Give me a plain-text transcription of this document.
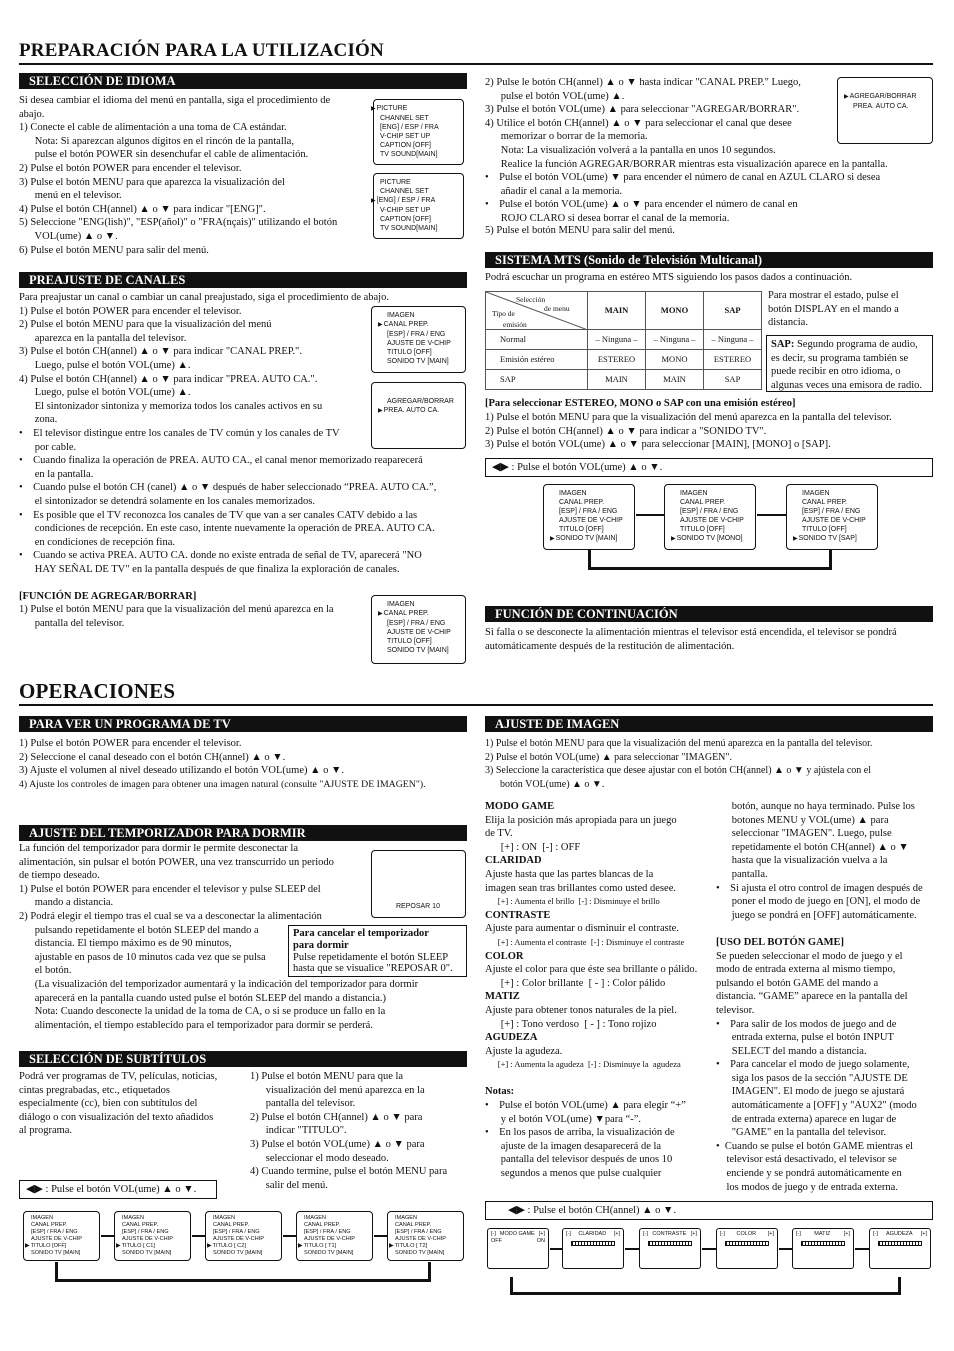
PREPARACIÓN PARA LA UTILIZACIÓN
SELECCIÓN DE IDIOMA
Si desea cambiar el idioma del menú en pantalla, siga el procedimiento de
abajo.
1) Conecte el cable de alimentación a una toma de CA estándar.
Nota: Si aparezcan algunos dígitos en el rincón de la pantalla,
pulse el botón POWER sin desenchufar el cable de alimentación.
2) Pulse el botón POWER para encender el televisor.
3) Pulse el botón MENU para que aparezca la visualización del
menú en el televisor.
4) Pulse el botón CH(annel) ▲ o ▼ para indicar "[ENG]".
5) Seleccione "ENG(lish)", "ESP(añol)" o "FRA(nçais)" utilizando el botón
VOL(ume) ▲ o ▼.
6) Pulse el botón MENU para salir del menú.
▶ PICTURE
CHANNEL SET
[ENG] / ESP / FRA
V-CHIP SET UP
CAPTION [OFF]
TV SOUND[MAIN]
PICTURE
CHANNEL SET
▶ [ENG] / ESP / FRA
V-CHIP SET UP
CAPTION [OFF]
TV SOUND[MAIN]
PREAJUSTE DE CANALES
Para preajustar un canal o cambiar un canal preajustado, siga el procedimiento de abajo.
1) Pulse el botón POWER para encender el televisor.
2) Pulse el botón MENU para que la visualización del menú
aparezca en la pantalla del televisor.
3) Pulse el botón CH(annel) ▲ o ▼ para indicar "CANAL PREP.".
Luego, pulse el botón VOL(ume) ▲.
4) Pulse el botón CH(annel) ▲ o ▼ para indicar "PREA. AUTO CA.".
Luego, pulse el botón VOL(ume) ▲.
El sintonizador sintoniza y memoriza todos los canales activos en su
zona.
•    El televisor distingue entre los canales de TV común y los canales de TV
por cable.
•    Cuando finaliza la operación de PREA. AUTO CA., el canal menor memorizado reaparecerá
en la pantalla.
•    Cuando pulse el botón CH (canel) ▲ o ▼ después de haber seleccionado “PREA. AUTO CA.”,
el sintonizador se detendrá solamente en los canales memorizados.
•    Es posible que el TV reconozca los canales de TV que van a ser canales CATV debido a las
condiciones de recepción. En este caso, intente nuevamente la operación de PREA. AUTO CA.
en condiciones de recepción fina.
•    Cuando se activa PREA. AUTO CA. donde no existe entrada de señal de TV, aparecerá "NO
HAY SEÑAL DE TV" en la pantalla después de que finaliza la exploración de canales.
IMAGEN
▶ CANAL PREP.
[ESP] / FRA / ENG
AJUSTE DE V-CHIP
TITULO [OFF]
SONIDO TV [MAIN]
AGREGAR/BORRAR
▶ PREA. AUTO CA.
[FUNCIÓN DE AGREGAR/BORRAR]
1) Pulse el botón MENU para que la visualización del menú aparezca en la
pantalla del televisor.
IMAGEN
▶ CANAL PREP.
[ESP] / FRA / ENG
AJUSTE DE V-CHIP
TITULO [OFF]
SONIDO TV [MAIN]
2) Pulse le botón CH(annel) ▲ o ▼ hasta indicar "CANAL PREP." Luego,
pulse el botón VOL(ume) ▲.
3) Pulse el botón VOL(ume) ▲ para seleccionar "AGREGAR/BORRAR".
4) Utilice el botón CH(annel) ▲ o ▼ para seleccionar el canal que desee
memorizar o borrar de la memoria.
Nota: La visualización volverá a la pantalla en unos 10 segundos.
Realice la función AGREGAR/BORRAR mientras esta visualización aparece en la pantalla.
•    Pulse el botón VOL(ume) ▼ para encender el número de canal en AZUL CLARO si desea
añadir el canal a la memoria.
•    Pulse el botón VOL(ume) ▲ o ▼ para encender el número de canal en
ROJO CLARO si desea borrar el canal de la memoria.
5) Pulse el botón MENU para salir del menú.
▶ AGREGAR/BORRAR
PREA. AUTO CA.
SISTEMA MTS (Sonido de Televisión Multicanal)
Podrá escuchar un programa en estéreo MTS siguiendo los pasos dados a continuación.
Selección
de menu
Tipo de
emisión	MAIN	MONO	SAP
Normal	– Ninguna –	– Ninguna –	– Ninguna –
Emisión estéreo	ESTEREO	MONO	ESTEREO
SAP	MAIN	MAIN	SAP
Para mostrar el estado, pulse el
botón DISPLAY en el mando a
distancia.
SAP: Segundo programa de audio,
es decir, su programa también se
puede recibir en otro idioma, o
algunas veces una emisora de radio.
[Para seleccionar ESTEREO, MONO o SAP con una emisión estéreo]
1) Pulse el botón MENU para que la visualización del menú aparezca en la pantalla del televisor.
2) Pulse el botón CH(annel) ▲ o ▼ para indicar a "SONIDO TV".
3) Pulse el botón VOL(ume) ▲ o ▼ para seleccionar [MAIN], [MONO] o [SAP].
◀▶ : Pulse el botón VOL(ume) ▲ o ▼.
IMAGEN
CANAL PREP.
[ESP] / FRA / ENG
AJUSTE DE V-CHIP
TITULO [OFF]
▶ SONIDO TV [MAIN]
IMAGEN
CANAL PREP.
[ESP] / FRA / ENG
AJUSTE DE V-CHIP
TITULO [OFF]
▶ SONIDO TV [MONO]
IMAGEN
CANAL PREP.
[ESP] / FRA / ENG
AJUSTE DE V-CHIP
TITULO [OFF]
▶ SONIDO TV [SAP]
FUNCIÓN DE CONTINUACIÓN
Si falla o se desconecte la alimentación mientras el televisor está encendida, el televisor se pondrá
automáticamente después de la restitución de alimentación.
OPERACIONES
PARA VER UN PROGRAMA DE TV
1) Pulse el botón POWER para encender el televisor.
2) Seleccione el canal deseado con el botón CH(annel) ▲ o ▼.
3) Ajuste el volumen al nivel deseado utilizando el botón VOL(ume) ▲ o ▼.
4) Ajuste los controles de imagen para obtener una imagen natural (consulte "AJUSTE DE IMAGEN").
AJUSTE DEL TEMPORIZADOR PARA DORMIR
La función del temporizador para dormir le permite desconectar la
alimentación, sin pulsar el botón POWER, una vez transcurrido un periodo
de tiempo deseado.
1) Pulse el botón POWER para encender el televisor y pulse SLEEP del
mando a distancia.
2) Podrá elegir el tiempo tras el cual se va a desconectar la alimentación
pulsando repetidamente el botón SLEEP del mando a
distancia. El tiempo máximo es de 90 minutos,
ajustable en pasos de 10 minutos cada vez que se pulsa
el botón.
(La visualización del temporizador aumentará y la indicación del temporizador para dormir
aparecerá en la pantalla cuando usted pulse el botón SLEEP del mando a distancia.)
Nota: Cuando desconecte la unidad de la toma de CA, o si se produce un fallo en la
alimentación, el tiempo establecido para el temporizador para dormir se perderá.
REPOSAR 10
Para cancelar el temporizador
para dormir
Pulse repetidamente el botón SLEEP
hasta que se visualice "REPOSAR 0".
SELECCIÓN DE SUBTÍTULOS
Podrá ver programas de TV, películas, noticias,
cintas pregrabadas, etc., etiquetados
especialmente (cc), bien con subtítulos del
diálogo o con visualización del texto añadidos
al programa.
1) Pulse el botón MENU para que la
visualización del menú aparezca en la
pantalla del televisor.
2) Pulse el botón CH(annel) ▲ o ▼ para
indicar "TITULO".
3) Pulse el botón VOL(ume) ▲ o ▼ para
seleccionar el modo deseado.
4) Cuando termine, pulse el botón MENU para
salir del menú.
◀▶ : Pulse el botón VOL(ume) ▲ o ▼.
IMAGEN
CANAL PREP.
[ESP] / FRA / ENG
AJUSTE DE V-CHIP
▶ TITULO [OFF]
SONIDO TV [MAIN]
IMAGEN
CANAL PREP.
[ESP] / FRA / ENG
AJUSTE DE V-CHIP
▶ TITULO [ C1]
SONIDO TV [MAIN]
IMAGEN
CANAL PREP.
[ESP] / FRA / ENG
AJUSTE DE V-CHIP
▶ TITULO [ C2]
SONIDO TV [MAIN]
IMAGEN
CANAL PREP.
[ESP] / FRA / ENG
AJUSTE DE V-CHIP
▶ TITULO [ T1]
SONIDO TV [MAIN]
IMAGEN
CANAL PREP.
[ESP] / FRA / ENG
AJUSTE DE V-CHIP
▶ TITULO [ T2]
SONIDO TV [MAIN]
AJUSTE DE IMAGEN
1) Pulse el botón MENU para que la visualización del menú aparezca en la pantalla del televisor.
2) Pulse el botón VOL(ume) ▲ para seleccionar "IMAGEN".
3) Seleccione la característica que desee ajustar con el botón CH(annel) ▲ o ▼ y ajústela con el
botón VOL(ume) ▲ o ▼.
MODO GAME
Elija la posición más apropiada para un juego
de TV.
[+] : ON  [-] : OFF
CLARIDAD
Ajuste hasta que las partes blancas de la
imagen sean tras brillantes como usted desee.
[+] : Aumenta el brillo  [-] : Disminuye el brillo
CONTRASTE
Ajuste para aumentar o disminuir el contraste.
[+] : Aumenta el contraste  [-] : Disminuye el contraste
COLOR
Ajuste el color para que éste sea brillante o pálido.
[+] : Color brillante  [ - ] : Color pálido
MATIZ
Ajuste para obtener tonos naturales de la piel.
[+] : Tono verdoso  [ - ] : Tono rojizo
AGUDEZA
Ajuste la agudeza.
[+] : Aumenta la agudeza  [-] : Disminuye la  agudeza
Notas:
•    Pulse el botón VOL(ume) ▲ para elegir “+”
y el botón VOL(ume) ▼para “-”.
•    En los pasos de arriba, la visualización de
ajuste de la imagen desaparecerá de la
pantalla del televisor después de unos 10
segundos a menos que pulse cualquier
botón, aunque no haya terminado. Pulse los
botones MENU y VOL(ume) ▲ para
seleccionar "IMAGEN". Luego, pulse
repetidamente el botón CH(annel) ▲ o ▼
hasta que la visualización vuelva a la
pantalla.
•    Si ajusta el otro control de imagen después de
poner el modo de juego en [ON], el modo de
juego se pondrá en [OFF] automáticamente.
[USO DEL BOTÓN GAME]
Se pueden seleccionar el modo de juego y el
modo de entrada externa al mismo tiempo,
pulsando el botón GAME del mando a
distancia. “GAME” aparece en la pantalla del
televisor.
•    Para salir de los modos de juego and de
entrada externa, pulse el botón INPUT
SELECT del mando a distancia.
•    Para cancelar el modo de juego solamente,
siga los pasos de la sección "AJUSTE DE
IMAGEN". El modo de juego se ajustará
automáticamente a [OFF] y "AUX2" (modo
de entrada externa) aparece en lugar de
"GAME" en la pantalla del televisor.
•  Cuando se pulse el botón GAME mientras el
televisor está desactivado, el televisor se
enciende y se pondrá automáticamente en
los modos de juego y de entrada externa.
◀▶ : Pulse el botón CH(annel) ▲ o ▼.
[-] MODO GAME [+]
OFF	ON
[-] CLARIDAD [+]	[-] CONTRASTE [+]	[-] COLOR [+]	[-] MATIZ [+]	[-] AGUDEZA [+]
